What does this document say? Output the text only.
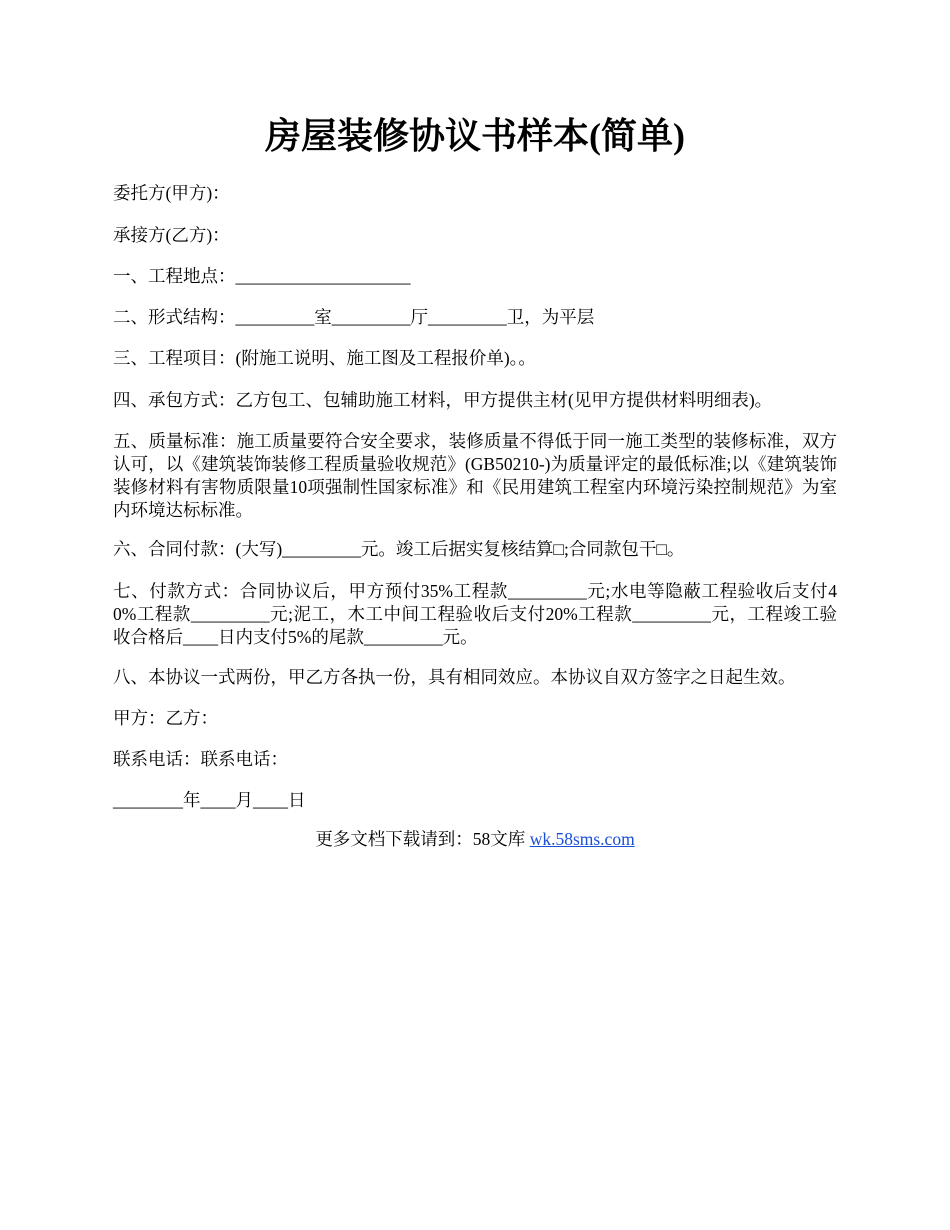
房屋装修协议书样本(简单)

委托方(甲方)：

承接方(乙方)：

一、工程地点：____________________

二、形式结构：_________室_________厅_________卫，为平层

三、工程项目：(附施工说明、施工图及工程报价单)。。

四、承包方式：乙方包工、包辅助施工材料，甲方提供主材(见甲方提供材料明细表)。

五、质量标准：施工质量要符合安全要求，装修质量不得低于同一施工类型的装修标准，双方认可，以《建筑装饰装修工程质量验收规范》(GB50210-)为质量评定的最低标准;以《建筑装饰装修材料有害物质限量10项强制性国家标准》和《民用建筑工程室内环境污染控制规范》为室内环境达标标准。

六、合同付款：(大写)_________元。竣工后据实复核结算□;合同款包干□。

七、付款方式：合同协议后，甲方预付35%工程款_________元;水电等隐蔽工程验收后支付40%工程款_________元;泥工，木工中间工程验收后支付20%工程款_________元，工程竣工验收合格后____日内支付5%的尾款_________元。

八、本协议一式两份，甲乙方各执一份，具有相同效应。本协议自双方签字之日起生效。

甲方：乙方：

联系电话：联系电话：

________年____月____日

更多文档下载请到：58文库 wk.58sms.com
